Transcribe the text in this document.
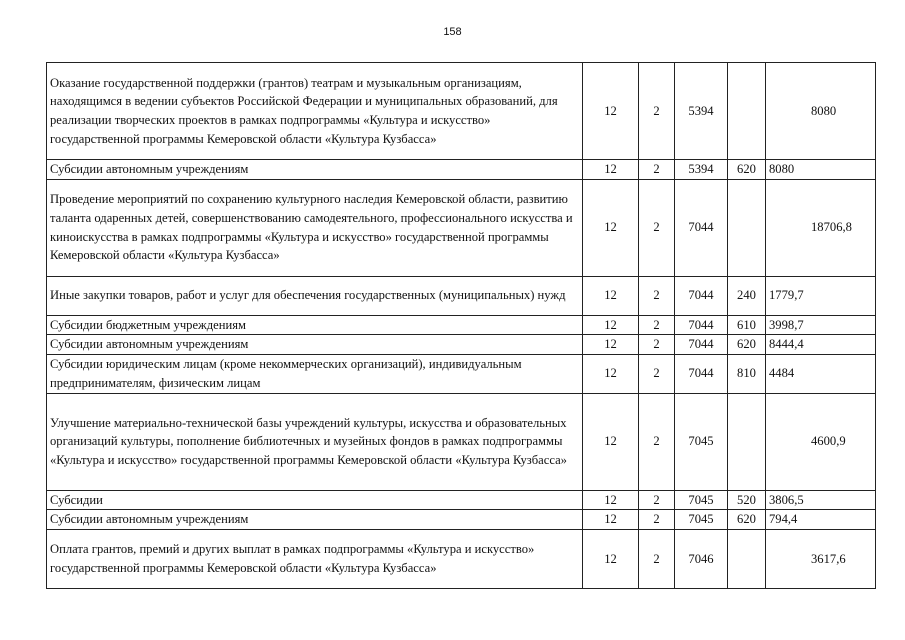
158
Оказание государственной поддержки (грантов) театрам и музыкальным организациям, находящимся в ведении субъектов Российской Федерации и муниципальных образований, для реализации творческих проектов в рамках подпрограммы «Культура и искусство» государственной программы Кемеровской области «Культура Кузбасса»	12	2	5394		8080
Субсидии автономным учреждениям	12	2	5394	620	8080
Проведение мероприятий по сохранению культурного наследия Кемеровской области, развитию таланта одаренных детей, совершенствованию самодеятельного, профессионального искусства и киноискусства в рамках подпрограммы «Культура и искусство» государственной программы Кемеровской области «Культура Кузбасса»	12	2	7044		18706,8
Иные закупки товаров, работ и услуг для обеспечения государственных (муниципальных) нужд	12	2	7044	240	1779,7
Субсидии бюджетным учреждениям	12	2	7044	610	3998,7
Субсидии автономным учреждениям	12	2	7044	620	8444,4
Субсидии юридическим лицам (кроме некоммерческих организаций), индивидуальным предпринимателям, физическим лицам	12	2	7044	810	4484
Улучшение материально-технической базы учреждений культуры, искусства и образовательных организаций культуры, пополнение библиотечных и музейных фондов в рамках подпрограммы «Культура и искусство» государственной программы Кемеровской области «Культура Кузбасса»	12	2	7045		4600,9
Субсидии	12	2	7045	520	3806,5
Субсидии автономным учреждениям	12	2	7045	620	794,4
Оплата грантов, премий и других выплат в рамках подпрограммы «Культура и искусство» государственной программы Кемеровской области «Культура Кузбасса»	12	2	7046		3617,6
